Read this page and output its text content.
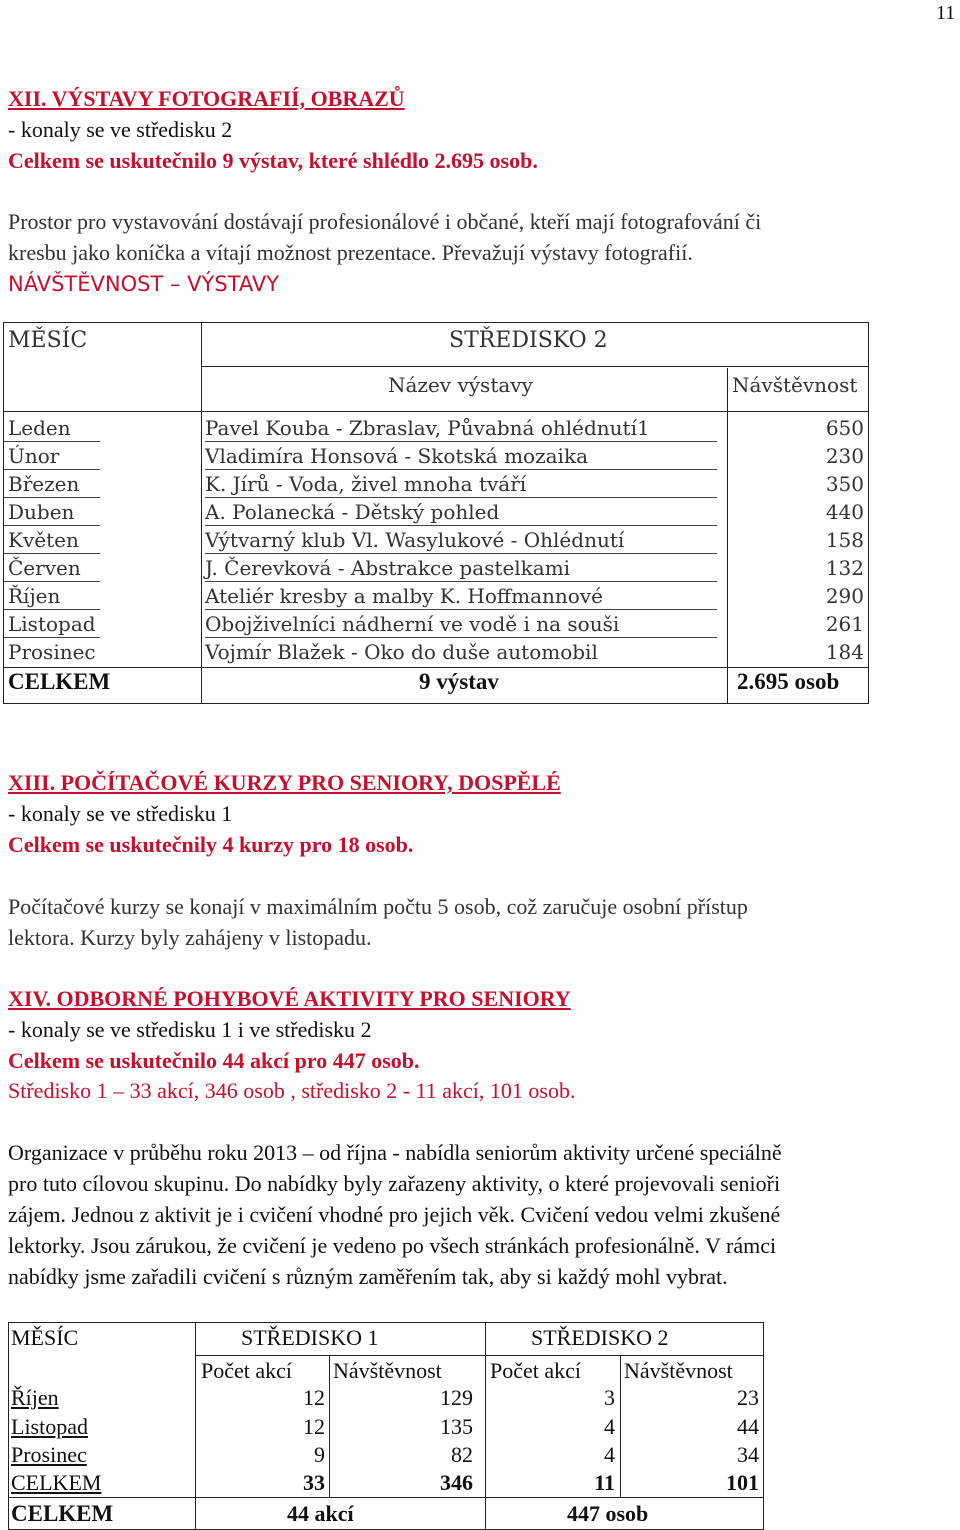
11
XII. VÝSTAVY FOTOGRAFIÍ, OBRAZŮ
- konaly se ve středisku 2
Celkem se uskutečnilo 9 výstav, které shlédlo 2.695 osob.
Prostor pro vystavování dostávají profesionálové i občané, kteří mají fotografování či
kresbu jako koníčka a vítají možnost prezentace. Převažují výstavy fotografií.
NÁVŠTĚVNOST – VÝSTAVY
MĚSÍC	STŘEDISKO 2
Název výstavy	Návštěvnost
Leden	Pavel Kouba - Zbraslav, Půvabná ohlédnutí1	650
Únor	Vladimíra Honsová - Skotská mozaika	230
Březen	K. Jírů - Voda, živel mnoha tváří	350
Duben	A. Polanecká - Dětský pohled	440
Květen	Výtvarný klub Vl. Wasylukové - Ohlédnutí	158
Červen	J. Čerevková - Abstrakce pastelkami	132
Říjen	Ateliér kresby a malby K. Hoffmannové	290
Listopad	Obojživelníci nádherní ve vodě i na souši	261
Prosinec	Vojmír Blažek - Oko do duše automobil	184
CELKEM	9 výstav	2.695 osob
XIII. POČÍTAČOVÉ KURZY PRO SENIORY, DOSPĚLÉ
- konaly se ve středisku 1
Celkem se uskutečnily 4 kurzy pro 18 osob.
Počítačové kurzy se konají v maximálním počtu 5 osob, což zaručuje osobní přístup
lektora. Kurzy byly zahájeny v listopadu.
XIV. ODBORNÉ POHYBOVÉ AKTIVITY PRO SENIORY
- konaly se ve středisku 1 i ve středisku 2
Celkem se uskutečnilo 44 akcí pro 447 osob.
Středisko 1 – 33 akcí, 346 osob , středisko 2 - 11 akcí, 101 osob.
Organizace v průběhu roku 2013 – od října - nabídla seniorům aktivity určené speciálně
pro tuto cílovou skupinu. Do nabídky byly zařazeny aktivity, o které projevovali senioři
zájem. Jednou z aktivit je i cvičení vhodné pro jejich věk. Cvičení vedou velmi zkušené
lektorky. Jsou zárukou, že cvičení je vedeno po všech stránkách profesionálně. V rámci
nabídky jsme zařadili cvičení s různým zaměřením tak, aby si každý mohl vybrat.
MĚSÍC	STŘEDISKO 1	STŘEDISKO 2
Počet akcí Návštěvnost Počet akcí Návštěvnost
Říjen	12	129	3	23
Listopad	12	135	4	44
Prosinec	9	82	4	34
CELKEM	33	346	11	101
CELKEM	44 akcí	447 osob
